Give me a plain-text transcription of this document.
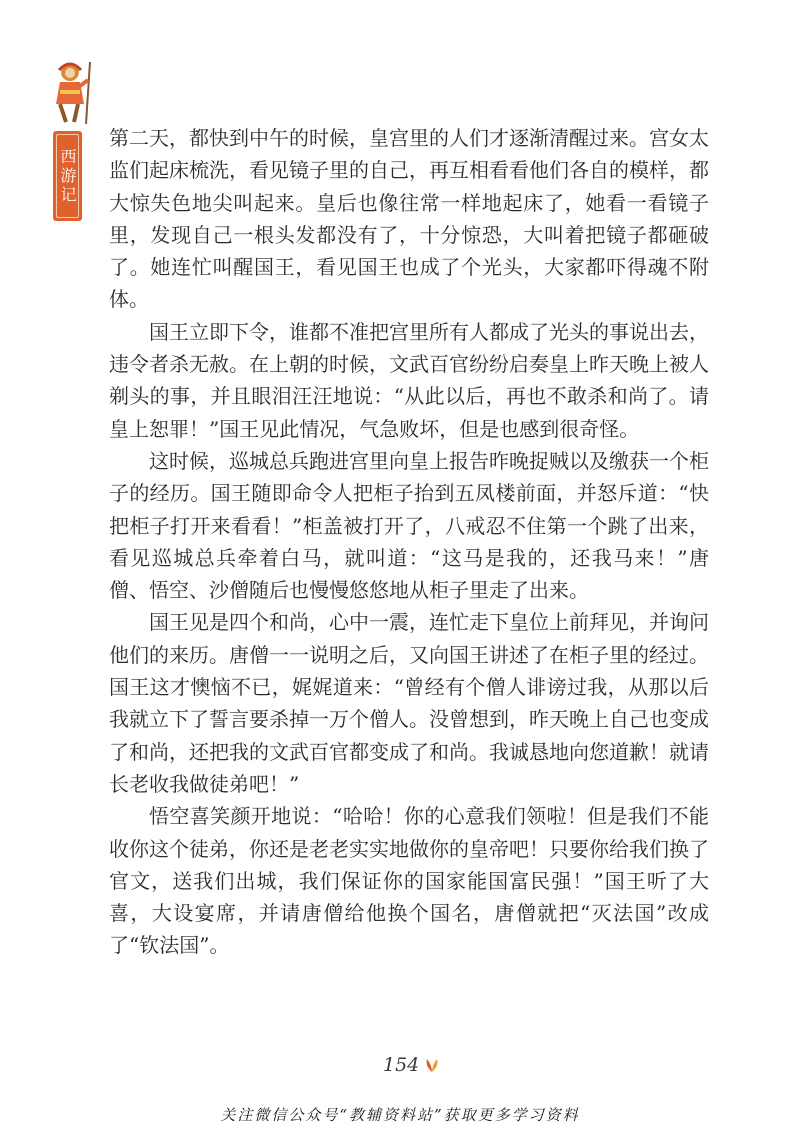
西游记

第二天，都快到中午的时候，皇宫里的人们才逐渐清醒过来。宫女太监们起床梳洗，看见镜子里的自己，再互相看看他们各自的模样，都大惊失色地尖叫起来。皇后也像往常一样地起床了，她看一看镜子里，发现自己一根头发都没有了，十分惊恐，大叫着把镜子都砸破了。她连忙叫醒国王，看见国王也成了个光头，大家都吓得魂不附体。

国王立即下令，谁都不准把宫里所有人都成了光头的事说出去，违令者杀无赦。在上朝的时候，文武百官纷纷启奏皇上昨天晚上被人剃头的事，并且眼泪汪汪地说：“从此以后，再也不敢杀和尚了。请皇上恕罪！”国王见此情况，气急败坏，但是也感到很奇怪。

这时候，巡城总兵跑进宫里向皇上报告昨晚捉贼以及缴获一个柜子的经历。国王随即命令人把柜子抬到五凤楼前面，并怒斥道：“快把柜子打开来看看！”柜盖被打开了，八戒忍不住第一个跳了出来，看见巡城总兵牵着白马，就叫道：“这马是我的，还我马来！”唐僧、悟空、沙僧随后也慢慢悠悠地从柜子里走了出来。

国王见是四个和尚，心中一震，连忙走下皇位上前拜见，并询问他们的来历。唐僧一一说明之后，又向国王讲述了在柜子里的经过。国王这才懊恼不已，娓娓道来：“曾经有个僧人诽谤过我，从那以后我就立下了誓言要杀掉一万个僧人。没曾想到，昨天晚上自己也变成了和尚，还把我的文武百官都变成了和尚。我诚恳地向您道歉！就请长老收我做徒弟吧！”

悟空喜笑颜开地说：“哈哈！你的心意我们领啦！但是我们不能收你这个徒弟，你还是老老实实地做你的皇帝吧！只要你给我们换了官文，送我们出城，我们保证你的国家能国富民强！”国王听了大喜，大设宴席，并请唐僧给他换个国名，唐僧就把“灭法国”改成了“钦法国”。

154
关注微信公众号“教辅资料站”获取更多学习资料
